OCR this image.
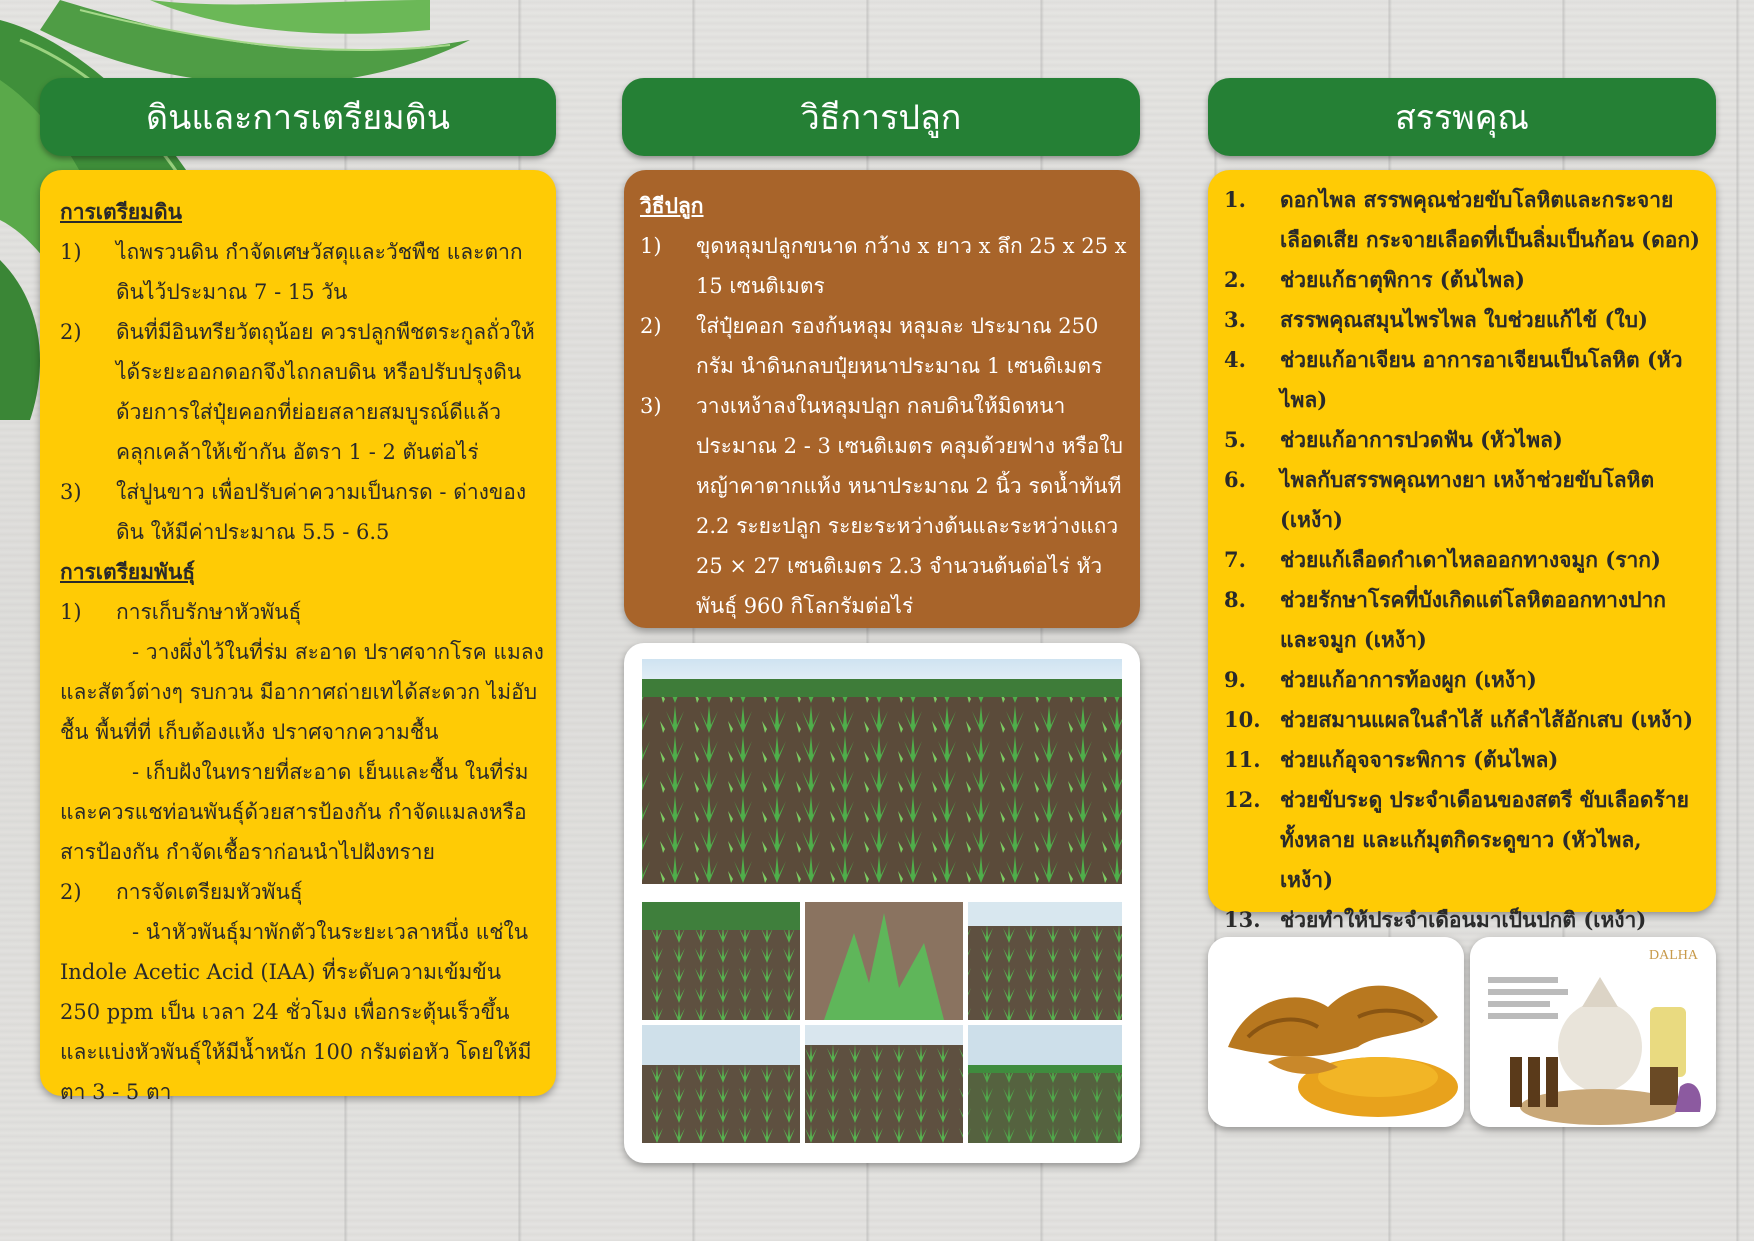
ดินและการเตรียมดิน
การเตรียมดิน
1)	ไถพรวนดิน กำจัดเศษวัสดุและวัชพืช และตากดินไว้ประมาณ 7 - 15 วัน
2)	ดินที่มีอินทรียวัตถุน้อย ควรปลูกพืชตระกูลถั่วให้ได้ระยะออกดอกจึงไถกลบดิน หรือปรับปรุงดินด้วยการใส่ปุ๋ยคอกที่ย่อยสลายสมบูรณ์ดีแล้ว คลุกเคล้าให้เข้ากัน อัตรา 1 - 2 ตันต่อไร่
3)	ใส่ปูนขาว เพื่อปรับค่าความเป็นกรด - ด่างของดิน ให้มีค่าประมาณ 5.5 - 6.5
การเตรียมพันธุ์
1)	การเก็บรักษาหัวพันธุ์
- วางผึ่งไว้ในที่ร่ม สะอาด ปราศจากโรค แมลงและสัตว์ต่างๆ รบกวน มีอากาศถ่ายเทได้สะดวก ไม่อับชื้น พื้นที่ที่ เก็บต้องแห้ง ปราศจากความชื้น
- เก็บฝังในทรายที่สะอาด เย็นและชื้น ในที่ร่มและควรแชท่อนพันธุ์ด้วยสารป้องกัน กำจัดแมลงหรือสารป้องกัน กำจัดเชื้อราก่อนนำไปฝังทราย
2)	การจัดเตรียมหัวพันธุ์
- นำหัวพันธุ์มาพักตัวในระยะเวลาหนึ่ง แช่ใน Indole Acetic Acid (IAA) ที่ระดับความเข้มข้น 250 ppm เป็น เวลา 24 ชั่วโมง เพื่อกระตุ้นเร็วขึ้นและแบ่งหัวพันธุ์ให้มีน้ำหนัก 100 กรัมต่อหัว โดยให้มีตา 3 - 5 ตา
วิธีการปลูก
วิธีปลูก
1)	ขุดหลุมปลูกขนาด กว้าง x ยาว x ลึก 25 x 25 x 15 เซนติเมตร
2)	ใส่ปุ๋ยคอก รองก้นหลุม หลุมละ ประมาณ 250 กรัม นำดินกลบปุ๋ยหนาประมาณ 1 เซนติเมตร
3)	วางเหง้าลงในหลุมปลูก กลบดินให้มิดหนาประมาณ 2 - 3 เซนติเมตร คลุมด้วยฟาง หรือใบหญ้าคาตากแห้ง หนาประมาณ 2 นิ้ว รดน้ำทันที 2.2 ระยะปลูก ระยะระหว่างต้นและระหว่างแถว 25 × 27 เซนติเมตร 2.3 จำนวนต้นต่อไร่ หัวพันธุ์ 960 กิโลกรัมต่อไร่
สรรพคุณ
1.	ดอกไพล สรรพคุณช่วยขับโลหิตและกระจายเลือดเสีย กระจายเลือดที่เป็นลิ่มเป็นก้อน (ดอก)
2.	ช่วยแก้ธาตุพิการ (ต้นไพล)
3.	สรรพคุณสมุนไพรไพล ใบช่วยแก้ไข้ (ใบ)
4.	ช่วยแก้อาเจียน อาการอาเจียนเป็นโลหิต (หัวไพล)
5.	ช่วยแก้อาการปวดฟัน (หัวไพล)
6.	ไพลกับสรรพคุณทางยา เหง้าช่วยขับโลหิต (เหง้า)
7.	ช่วยแก้เลือดกำเดาไหลออกทางจมูก (ราก)
8.	ช่วยรักษาโรคที่บังเกิดแต่โลหิตออกทางปากและจมูก (เหง้า)
9.	ช่วยแก้อาการท้องผูก (เหง้า)
10. ช่วยสมานแผลในลำไส้ แก้ลำไส้อักเสบ (เหง้า)
11. ช่วยแก้อุจจาระพิการ (ต้นไพล)
12. ช่วยขับระดู ประจำเดือนของสตรี ขับเลือดร้ายทั้งหลาย และแก้มุตกิดระดูขาว (หัวไพล, เหง้า)
13. ช่วยทำให้ประจำเดือนมาเป็นปกติ (เหง้า)
DALHA
